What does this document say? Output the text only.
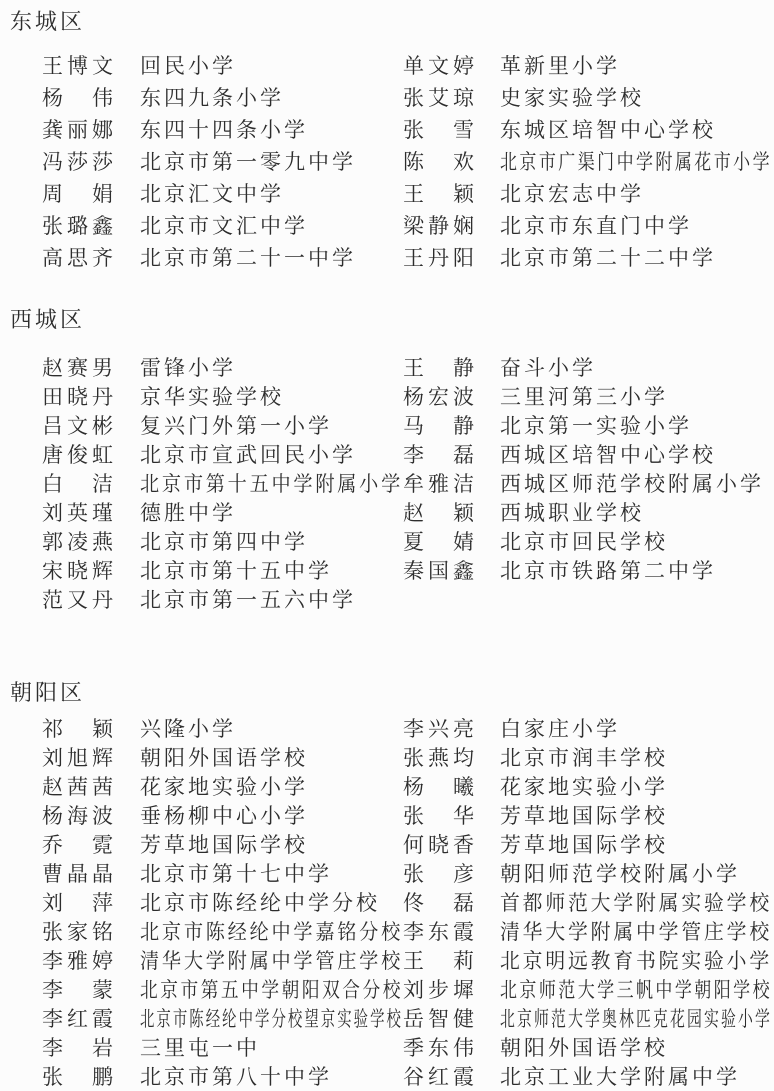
东城区
王博文	回民小学	单文婷	革新里小学
杨　伟	东四九条小学	张艾琼	史家实验学校
龚丽娜	东四十四条小学	张　雪	东城区培智中心学校
冯莎莎	北京市第一零九中学	陈　欢	北京市广渠门中学附属花市小学
周　娟	北京汇文中学	王　颖	北京宏志中学
张璐鑫	北京市文汇中学	梁静娴	北京市东直门中学
高思齐	北京市第二十一中学	王丹阳	北京市第二十二中学
西城区
赵赛男	雷锋小学	王　静	奋斗小学
田晓丹	京华实验学校	杨宏波	三里河第三小学
吕文彬	复兴门外第一小学	马　静	北京第一实验小学
唐俊虹	北京市宣武回民小学	李　磊	西城区培智中心学校
白　洁	北京市第十五中学附属小学 牟雅洁	西城区师范学校附属小学
刘英瑾	德胜中学	赵　颖	西城职业学校
郭凌燕	北京市第四中学	夏　婧	北京市回民学校
宋晓辉	北京市第十五中学	秦国鑫	北京市铁路第二中学
范又丹	北京市第一五六中学
朝阳区
祁　颖	兴隆小学	李兴亮	白家庄小学
刘旭辉	朝阳外国语学校	张燕均	北京市润丰学校
赵茜茜	花家地实验小学	杨　曦	花家地实验小学
杨海波	垂杨柳中心小学	张　华	芳草地国际学校
乔　霓	芳草地国际学校	何晓香	芳草地国际学校
曹晶晶	北京市第十七中学	张　彦	朝阳师范学校附属小学
刘　萍	北京市陈经纶中学分校	佟　磊	首都师范大学附属实验学校
张家铭	北京市陈经纶中学嘉铭分校 李东霞	清华大学附属中学管庄学校
李雅婷	清华大学附属中学管庄学校 王　莉	北京明远教育书院实验小学
李　蒙	北京市第五中学朝阳双合分校 刘步墀	北京师范大学三帆中学朝阳学校
李红霞	北京市陈经纶中学分校望京实验学校 岳智健	北京师范大学奥林匹克花园实验小学
李　岩	三里屯一中	季东伟	朝阳外国语学校
张　鹏	北京市第八十中学	谷红霞	北京工业大学附属中学
